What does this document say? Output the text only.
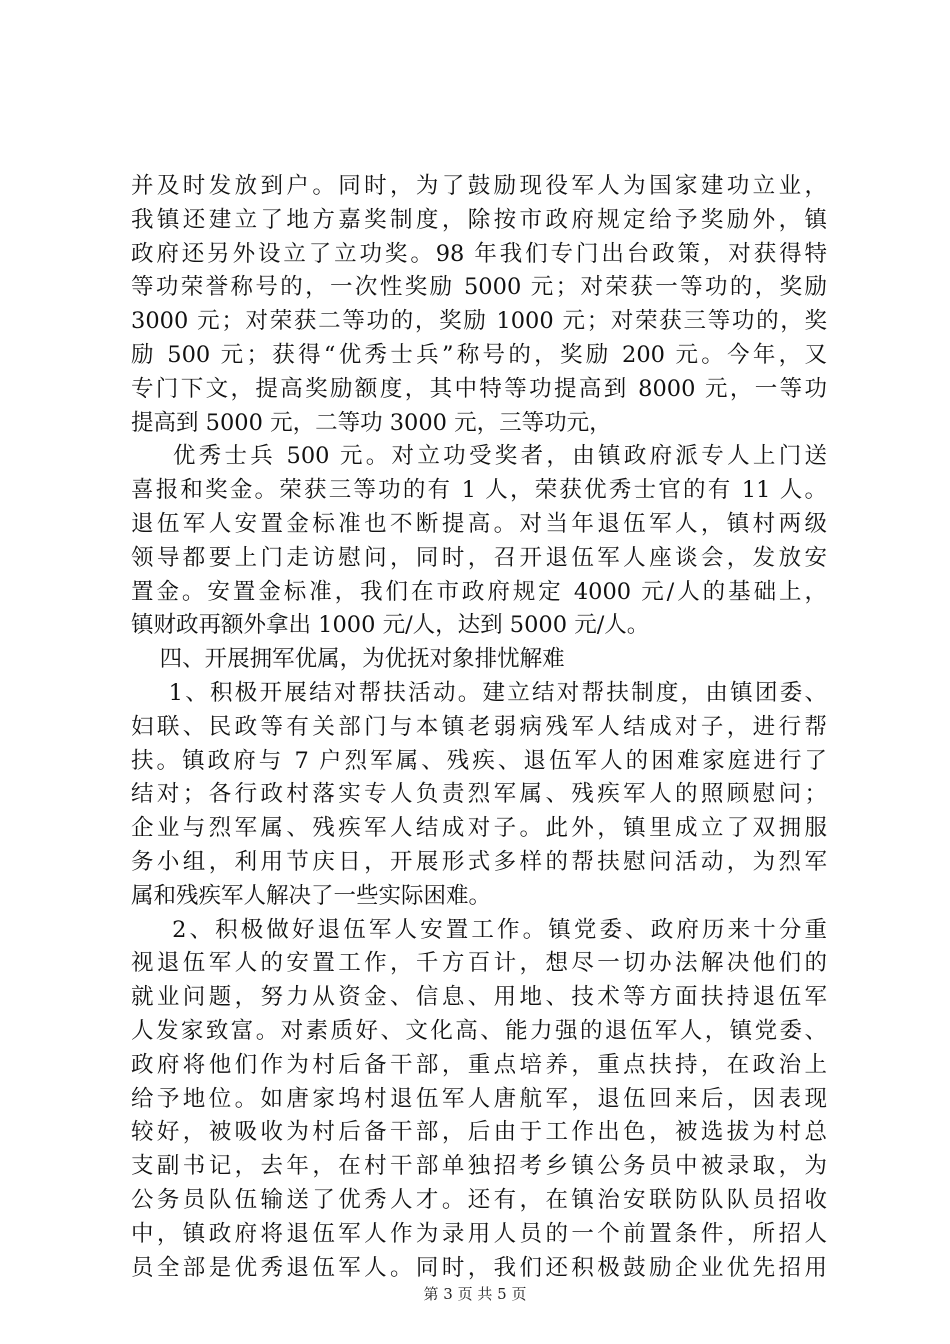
并及时发放到户。同时，为了鼓励现役军人为国家建功立业，
我镇还建立了地方嘉奖制度，除按市政府规定给予奖励外，镇
政府还另外设立了立功奖。98 年我们专门出台政策，对获得特
等功荣誉称号的，一次性奖励 5000 元；对荣获一等功的，奖励
3000 元；对荣获二等功的，奖励 1000 元；对荣获三等功的，奖
励 500 元；获得“优秀士兵”称号的，奖励 200 元。今年，又
专门下文，提高奖励额度，其中特等功提高到 8000 元，一等功
提高到 5000 元，二等功 3000 元，三等功元，
优秀士兵 500 元。对立功受奖者，由镇政府派专人上门送
喜报和奖金。荣获三等功的有 1 人，荣获优秀士官的有 11 人。
退伍军人安置金标准也不断提高。对当年退伍军人，镇村两级
领导都要上门走访慰问，同时，召开退伍军人座谈会，发放安
置金。安置金标准，我们在市政府规定 4000 元/人的基础上，
镇财政再额外拿出 1000 元/人，达到 5000 元/人。
四、开展拥军优属，为优抚对象排忧解难
1、积极开展结对帮扶活动。建立结对帮扶制度，由镇团委、
妇联、民政等有关部门与本镇老弱病残军人结成对子，进行帮
扶。镇政府与 7 户烈军属、残疾、退伍军人的困难家庭进行了
结对；各行政村落实专人负责烈军属、残疾军人的照顾慰问；
企业与烈军属、残疾军人结成对子。此外，镇里成立了双拥服
务小组，利用节庆日，开展形式多样的帮扶慰问活动，为烈军
属和残疾军人解决了一些实际困难。
2、积极做好退伍军人安置工作。镇党委、政府历来十分重
视退伍军人的安置工作，千方百计，想尽一切办法解决他们的
就业问题，努力从资金、信息、用地、技术等方面扶持退伍军
人发家致富。对素质好、文化高、能力强的退伍军人，镇党委、
政府将他们作为村后备干部，重点培养，重点扶持，在政治上
给予地位。如唐家坞村退伍军人唐航军，退伍回来后，因表现
较好，被吸收为村后备干部，后由于工作出色，被选拔为村总
支副书记，去年，在村干部单独招考乡镇公务员中被录取，为
公务员队伍输送了优秀人才。还有，在镇治安联防队队员招收
中，镇政府将退伍军人作为录用人员的一个前置条件，所招人
员全部是优秀退伍军人。同时，我们还积极鼓励企业优先招用
第 3 页 共 5 页
